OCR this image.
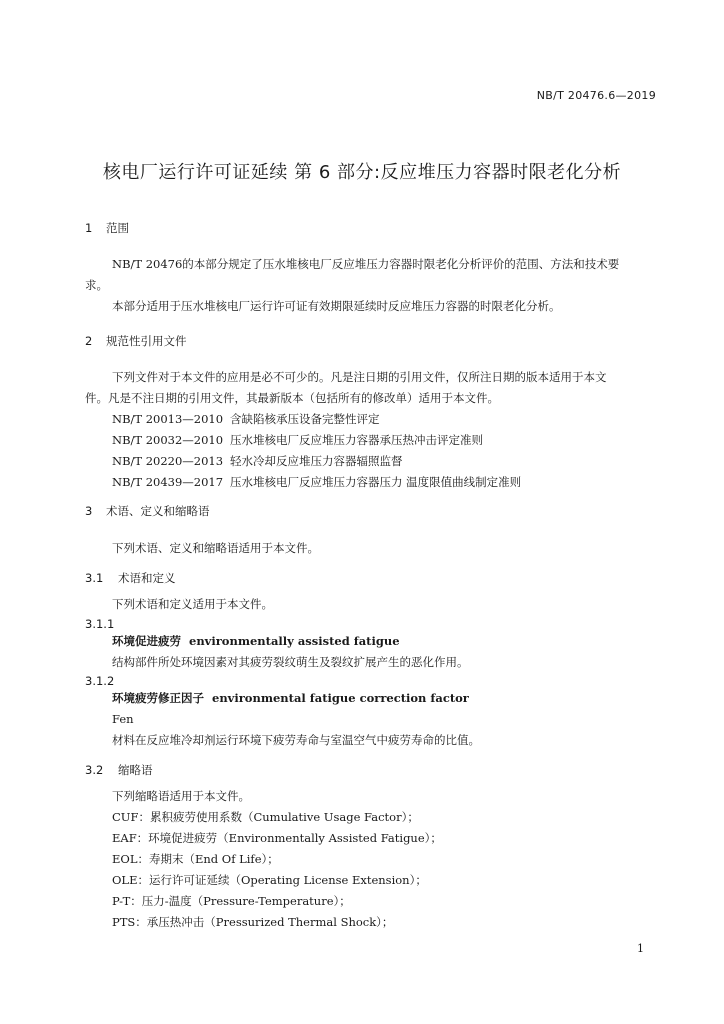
NB/T 20476.6—2019
核电厂运行许可证延续 第 6 部分:反应堆压力容器时限老化分析
1 范围
NB/T 20476的本部分规定了压水堆核电厂反应堆压力容器时限老化分析评价的范围、方法和技术要
求。
本部分适用于压水堆核电厂运行许可证有效期限延续时反应堆压力容器的时限老化分析。
2 规范性引用文件
下列文件对于本文件的应用是必不可少的。凡是注日期的引用文件，仅所注日期的版本适用于本文
件。凡是不注日期的引用文件，其最新版本（包括所有的修改单）适用于本文件。
NB/T 20013—2010 含缺陷核承压设备完整性评定
NB/T 20032—2010 压水堆核电厂反应堆压力容器承压热冲击评定准则
NB/T 20220—2013 轻水冷却反应堆压力容器辐照监督
NB/T 20439—2017 压水堆核电厂反应堆压力容器压力 温度限值曲线制定准则
3 术语、定义和缩略语
下列术语、定义和缩略语适用于本文件。
3.1 术语和定义
下列术语和定义适用于本文件。
3.1.1
环境促进疲劳 environmentally assisted fatigue
结构部件所处环境因素对其疲劳裂纹萌生及裂纹扩展产生的恶化作用。
3.1.2
环境疲劳修正因子 environmental fatigue correction factor
Fen
材料在反应堆冷却剂运行环境下疲劳寿命与室温空气中疲劳寿命的比值。
3.2 缩略语
下列缩略语适用于本文件。
CUF：累积疲劳使用系数（Cumulative Usage Factor）；
EAF：环境促进疲劳（Environmentally Assisted Fatigue）；
EOL：寿期末（End Of Life）；
OLE：运行许可证延续（Operating License Extension）；
P-T：压力-温度（Pressure-Temperature）；
PTS：承压热冲击（Pressurized Thermal Shock）；
1
